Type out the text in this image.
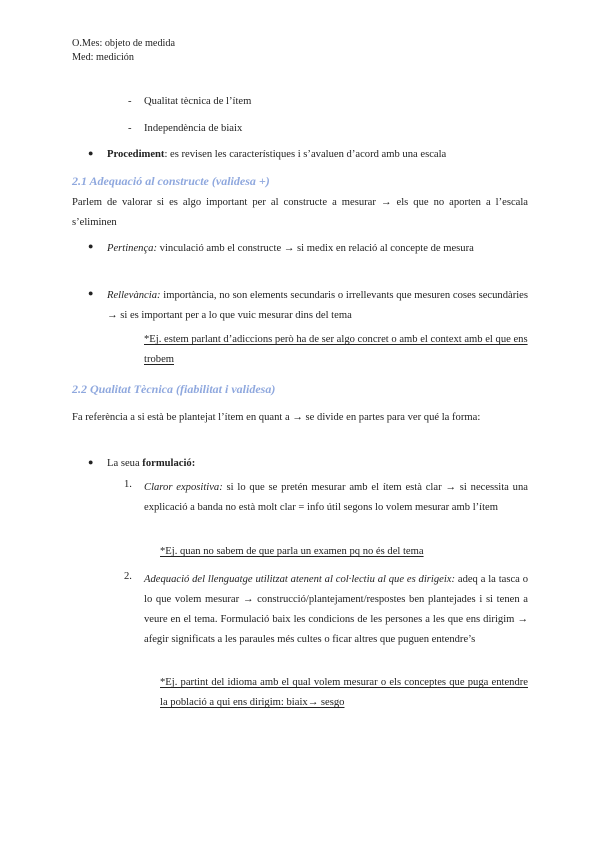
O.Mes: objeto de medida
Med: medición
- Qualitat tècnica de l’ítem
- Independència de biaix
● Procediment: es revisen les característiques i s’avaluen d’acord amb una escala
2.1 Adequació al constructe (validesa +)
Parlem de valorar si es algo important per al constructe a mesurar → els que no aporten a l’escala s’eliminen
●	Pertinença: vinculació amb el constructe → si medix en relació al concepte de mesura
●	Rellevància: importància, no son elements secundaris o irrellevants que mesuren coses secundàries → si es important per a lo que vuic mesurar dins del tema
*Ej. estem parlant d’adiccions però ha de ser algo concret o amb el context amb el que ens trobem
2.2 Qualitat Tècnica (fiabilitat i validesa)
Fa referència a si està be plantejat l’ítem en quant a → se divide en partes para ver qué la forma:
● La seua formulació:
1. Claror expositiva: si lo que se pretén mesurar amb el ítem està clar → si necessita una explicació a banda no està molt clar = info útil segons lo volem mesurar amb l’ítem
*Ej. quan no sabem de que parla un examen pq no és del tema
2. Adequació del llenguatge utilitzat atenent al col·lectiu al que es dirigeix: adeq a la tasca o lo que volem mesurar → construcció/plantejament/respostes ben plantejades i si tenen a veure en el tema. Formulació baix les condicions de les persones a les que ens dirigim → afegir significats a les paraules més cultes o ficar altres que puguen entendre’s
*Ej. partint del idioma amb el qual volem mesurar o els conceptes que puga entendre la població a qui ens dirigim: biaix→ sesgo
